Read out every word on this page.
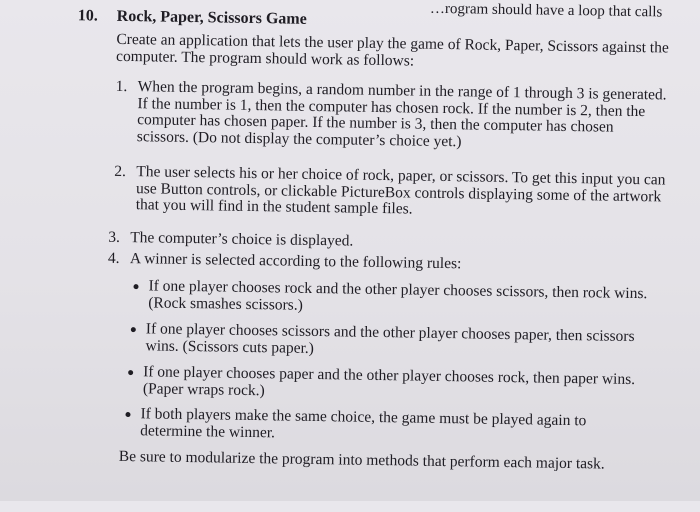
…rogram should have a loop that calls
10. Rock, Paper, Scissors Game
Create an application that lets the user play the game of Rock, Paper, Scissors against the computer. The program should work as follows:
1. When the program begins, a random number in the range of 1 through 3 is generated. If the number is 1, then the computer has chosen rock. If the number is 2, then the computer has chosen paper. If the number is 3, then the computer has chosen scissors. (Do not display the computer’s choice yet.)
2. The user selects his or her choice of rock, paper, or scissors. To get this input you can use Button controls, or clickable PictureBox controls displaying some of the artwork that you will find in the student sample files.
3. The computer’s choice is displayed.
4. A winner is selected according to the following rules:
If one player chooses rock and the other player chooses scissors, then rock wins. (Rock smashes scissors.)
If one player chooses scissors and the other player chooses paper, then scissors wins. (Scissors cuts paper.)
If one player chooses paper and the other player chooses rock, then paper wins. (Paper wraps rock.)
If both players make the same choice, the game must be played again to determine the winner.
Be sure to modularize the program into methods that perform each major task.
